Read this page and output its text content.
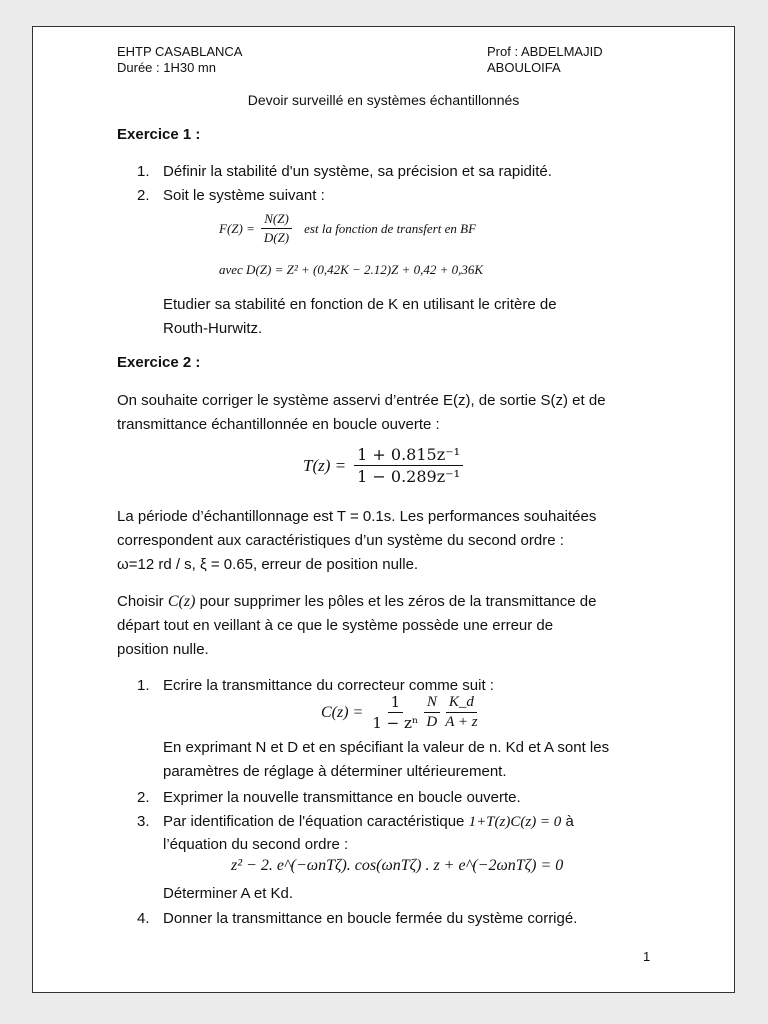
EHTP CASABLANCA
Durée : 1H30 mn
Prof : ABDELMAJID
ABOULOIFA
Devoir surveillé en systèmes échantillonnés
Exercice 1 :
1. Définir la stabilité d'un système, sa précision et sa rapidité.
2. Soit le système suivant :
$F(Z) = \frac{N(Z)}{D(Z)}$ est la fonction de transfert en BF
avec D(Z) = Z² + (0,42K − 2.12)Z + 0,42 + 0,36K
Etudier sa stabilité en fonction de K en utilisant le critère de
Routh-Hurwitz.
Exercice 2 :
On souhaite corriger le système asservi d’entrée E(z), de sortie S(z) et de
transmittance échantillonnée en boucle ouverte :
$T(z) = \frac{\text{1 + 0.815z⁻¹}}{\text{1 − 0.289z⁻¹}}$
La période d’échantillonnage est T = 0.1s. Les performances souhaitées
correspondent aux caractéristiques d’un système du second ordre :
ω=12 rd / s, ξ = 0.65, erreur de position nulle.
Choisir C(z) pour supprimer les pôles et les zéros de la transmittance de
départ tout en veillant à ce que le système possède une erreur de
position nulle.
1. Ecrire la transmittance du correcteur comme suit :
$C(z) = \frac{1}{\text{1 − zⁿ}} \frac{N}{D} \frac{K\_d}{A + z}$
En exprimant N et D et en spécifiant la valeur de n. Kd et A sont les
paramètres de réglage à déterminer ultérieurement.
2. Exprimer la nouvelle transmittance en boucle ouverte.
3. Par identification de l'équation caractéristique 1+T(z)C(z) = 0 à
l’équation du second ordre :
z² − 2. e^(−ωnTζ). cos(ωnTζ) . z + e^(−2ωnTζ) = 0
Déterminer A et Kd.
4. Donner la transmittance en boucle fermée du système corrigé.
1
